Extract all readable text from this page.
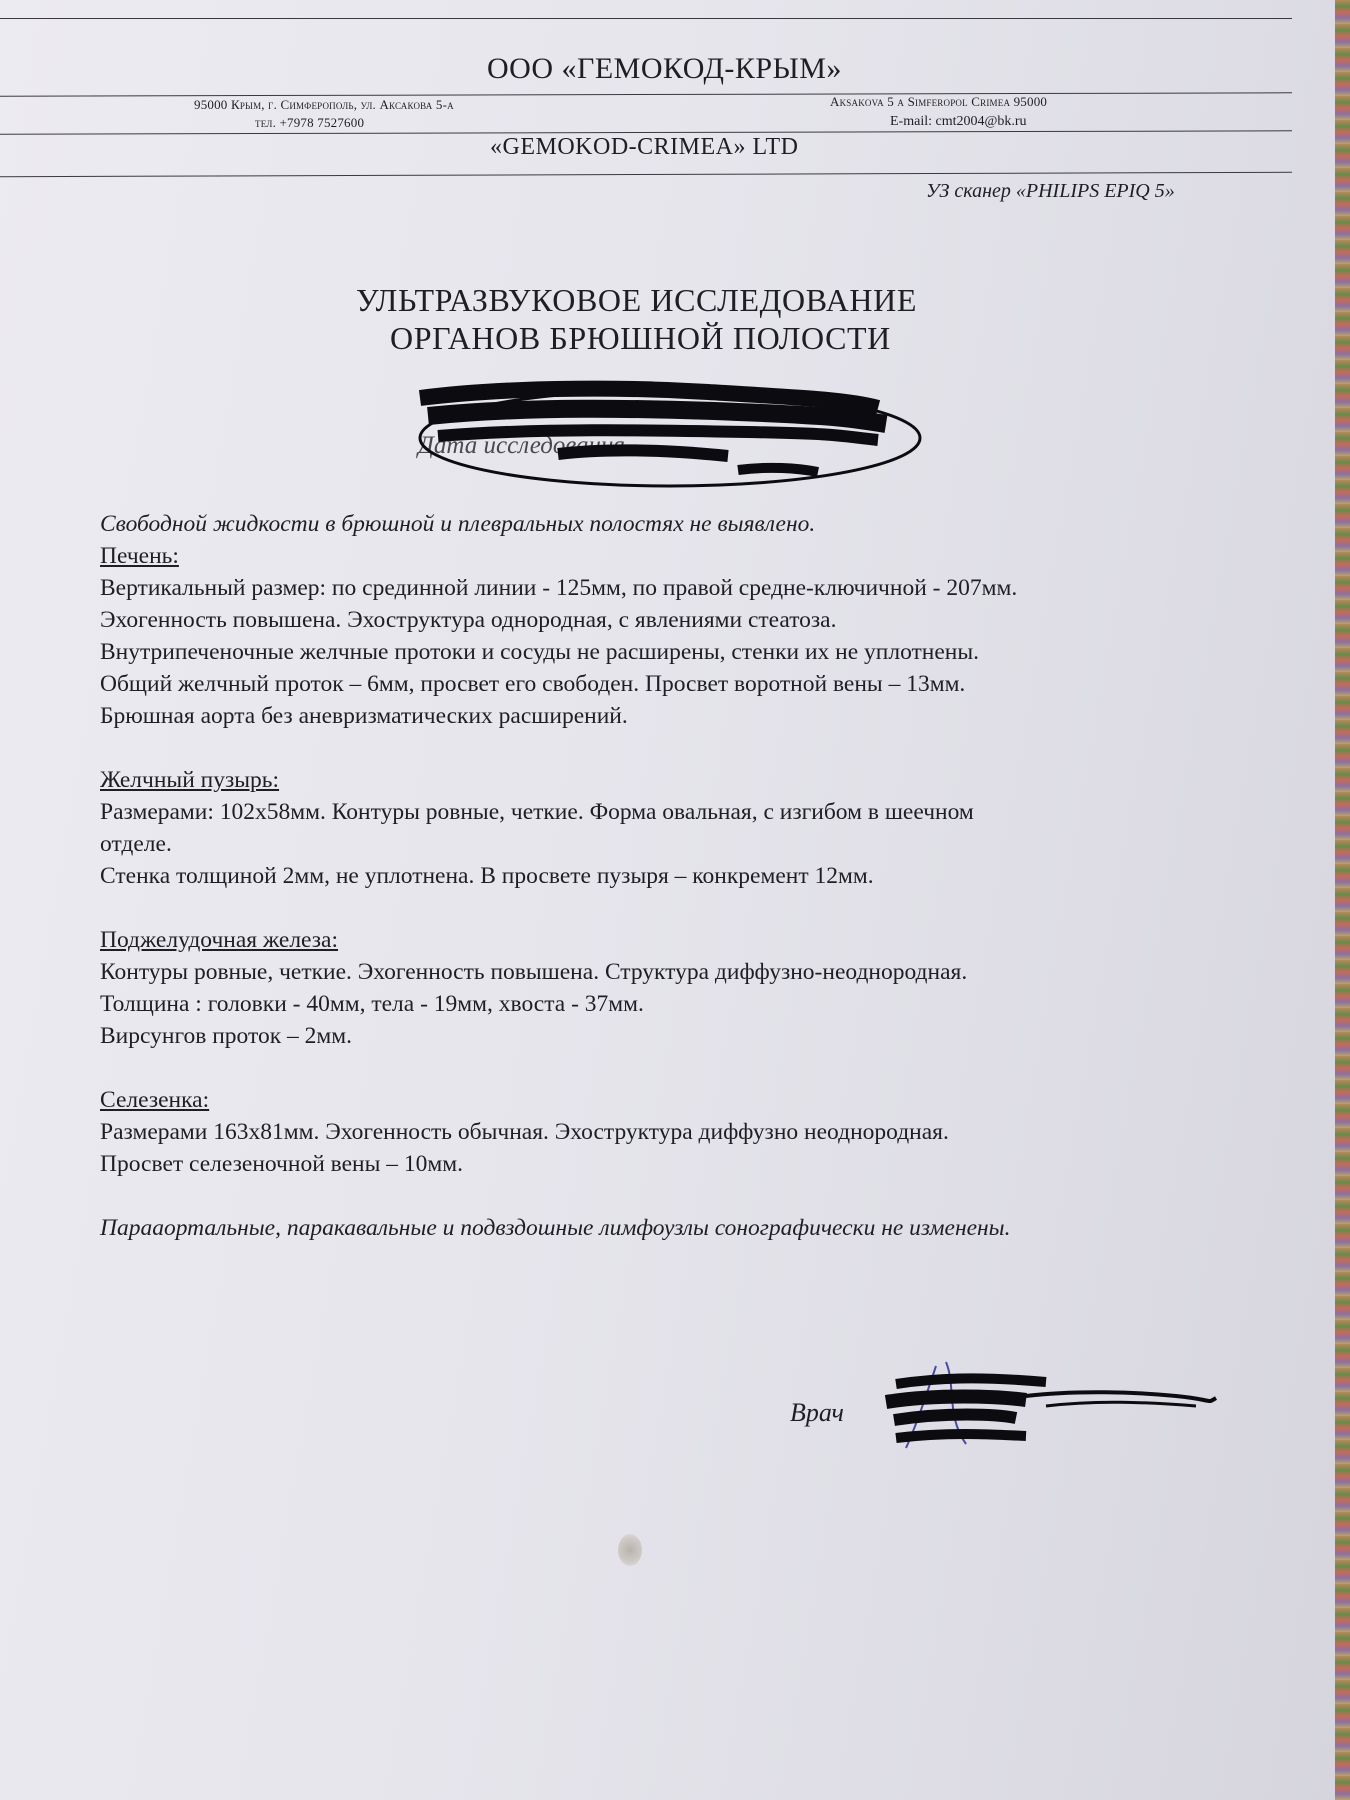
ООО «ГЕМОКОД-КРЫМ»
95000 Крым, г. Симферополь, ул. Аксакова 5-а
тел. +7978 7527600
Aksakova 5 a Simferopol Crimea 95000
E-mail: cmt2004@bk.ru
«GEMOKOD-CRIMEA» LTD
УЗ сканер «PHILIPS EPIQ 5»
УЛЬТРАЗВУКОВОЕ ИССЛЕДОВАНИЕ
ОРГАНОВ БРЮШНОЙ ПОЛОСТИ
Дата исследования

Свободной жидкости в брюшной и плевральных полостях не выявлено.

Печень:

Вертикальный размер: по срединной линии - 125мм, по правой средне-ключичной - 207мм.

Эхогенность повышена. Эхоструктура однородная, с явлениями стеатоза.

Внутрипеченочные желчные протоки и сосуды не расширены, стенки их не уплотнены.

Общий желчный проток – 6мм, просвет его свободен. Просвет воротной вены – 13мм.

Брюшная аорта без аневризматических расширений.

Желчный пузырь:

Размерами: 102х58мм. Контуры ровные, четкие. Форма овальная, с изгибом в шеечном

отделе.

Стенка толщиной 2мм, не уплотнена. В просвете пузыря – конкремент 12мм.

Поджелудочная железа:

Контуры ровные, четкие. Эхогенность повышена. Структура диффузно-неоднородная.

Толщина : головки - 40мм, тела - 19мм, хвоста - 37мм.

Вирсунгов проток – 2мм.

Селезенка:

Размерами 163х81мм. Эхогенность обычная. Эхоструктура диффузно неоднородная.

Просвет селезеночной вены – 10мм.

Парааортальные, паракавальные и подвздошные лимфоузлы сонографически не изменены.

Врач
